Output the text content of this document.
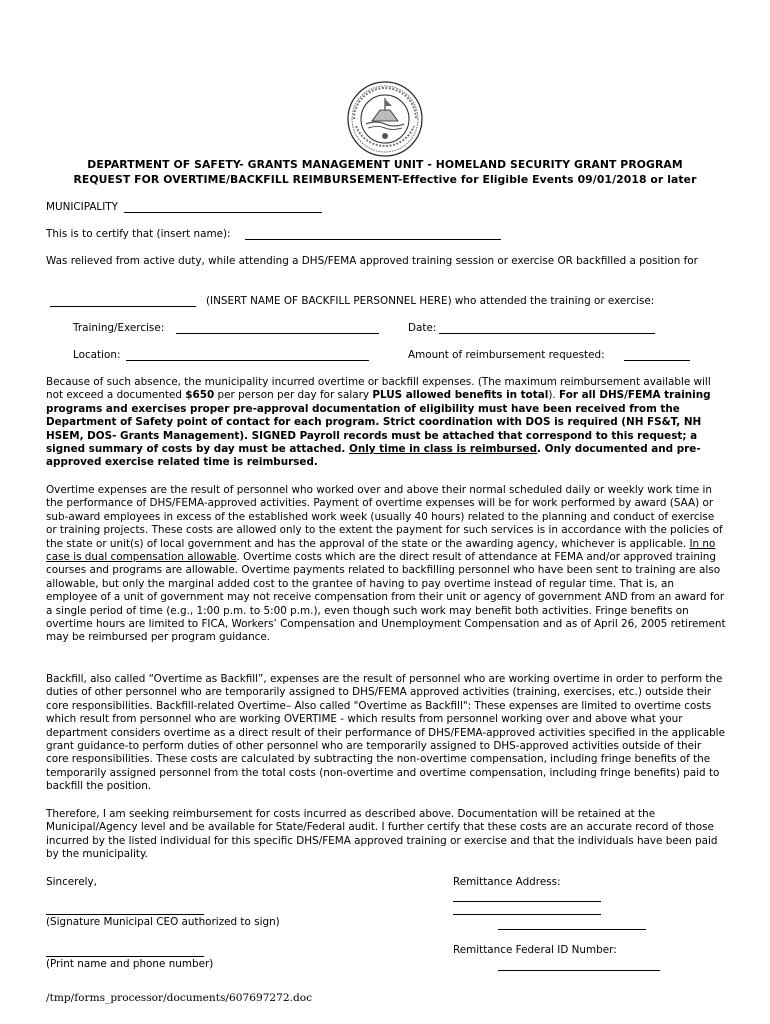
DEPARTMENT OF SAFETY- GRANTS MANAGEMENT UNIT - HOMELAND SECURITY GRANT PROGRAM
REQUEST FOR OVERTIME/BACKFILL REIMBURSEMENT-Effective for Eligible Events 09/01/2018 or later
MUNICIPALITY
This is to certify that (insert name):
Was relieved from active duty, while attending a DHS/FEMA approved training session or exercise OR backfilled a position for
(INSERT NAME OF BACKFILL PERSONNEL HERE) who attended the training or exercise:
Training/Exercise:	Date:
Location:	Amount of reimbursement requested:

Because of such absence, the municipality incurred overtime or backfill expenses. (The maximum reimbursement available will not exceed a documented $650 per person per day for salary PLUS allowed benefits in total). For all DHS/FEMA training programs and exercises proper pre-approval documentation of eligibility must have been received from the Department of Safety point of contact for each program. Strict coordination with DOS is required (NH FS&T, NH HSEM, DOS- Grants Management). SIGNED Payroll records must be attached that correspond to this request; a signed summary of costs by day must be attached. Only time in class is reimbursed. Only documented and pre-approved exercise related time is reimbursed.

Overtime expenses are the result of personnel who worked over and above their normal scheduled daily or weekly work time in the performance of DHS/FEMA-approved activities. Payment of overtime expenses will be for work performed by award (SAA) or sub-award employees in excess of the established work week (usually 40 hours) related to the planning and conduct of exercise or training projects. These costs are allowed only to the extent the payment for such services is in accordance with the policies of the state or unit(s) of local government and has the approval of the state or the awarding agency, whichever is applicable. In no case is dual compensation allowable. Overtime costs which are the direct result of attendance at FEMA and/or approved training courses and programs are allowable. Overtime payments related to backfilling personnel who have been sent to training are also allowable, but only the marginal added cost to the grantee of having to pay overtime instead of regular time. That is, an employee of a unit of government may not receive compensation from their unit or agency of government AND from an award for a single period of time (e.g., 1:00 p.m. to 5:00 p.m.), even though such work may benefit both activities. Fringe benefits on overtime hours are limited to FICA, Workers’ Compensation and Unemployment Compensation and as of April 26, 2005 retirement may be reimbursed per program guidance.

Backfill, also called “Overtime as Backfill”, expenses are the result of personnel who are working overtime in order to perform the duties of other personnel who are temporarily assigned to DHS/FEMA approved activities (training, exercises, etc.) outside their core responsibilities. Backfill-related Overtime– Also called "Overtime as Backfill": These expenses are limited to overtime costs which result from personnel who are working OVERTIME - which results from personnel working over and above what your department considers overtime as a direct result of their performance of DHS/FEMA-approved activities specified in the applicable grant guidance-to perform duties of other personnel who are temporarily assigned to DHS-approved activities outside of their core responsibilities. These costs are calculated by subtracting the non-overtime compensation, including fringe benefits of the temporarily assigned personnel from the total costs (non-overtime and overtime compensation, including fringe benefits) paid to backfill the position.
Therefore, I am seeking reimbursement for costs incurred as described above. Documentation will be retained at the Municipal/Agency level and be available for State/Federal audit. I further certify that these costs are an accurate record of those incurred by the listed individual for this specific DHS/FEMA approved training or exercise and that the individuals have been paid by the municipality.
Sincerely,	Remittance Address:
(Signature Municipal CEO authorized to sign)
Remittance Federal ID Number:
(Print name and phone number)
/tmp/forms_processor/documents/607697272.doc
